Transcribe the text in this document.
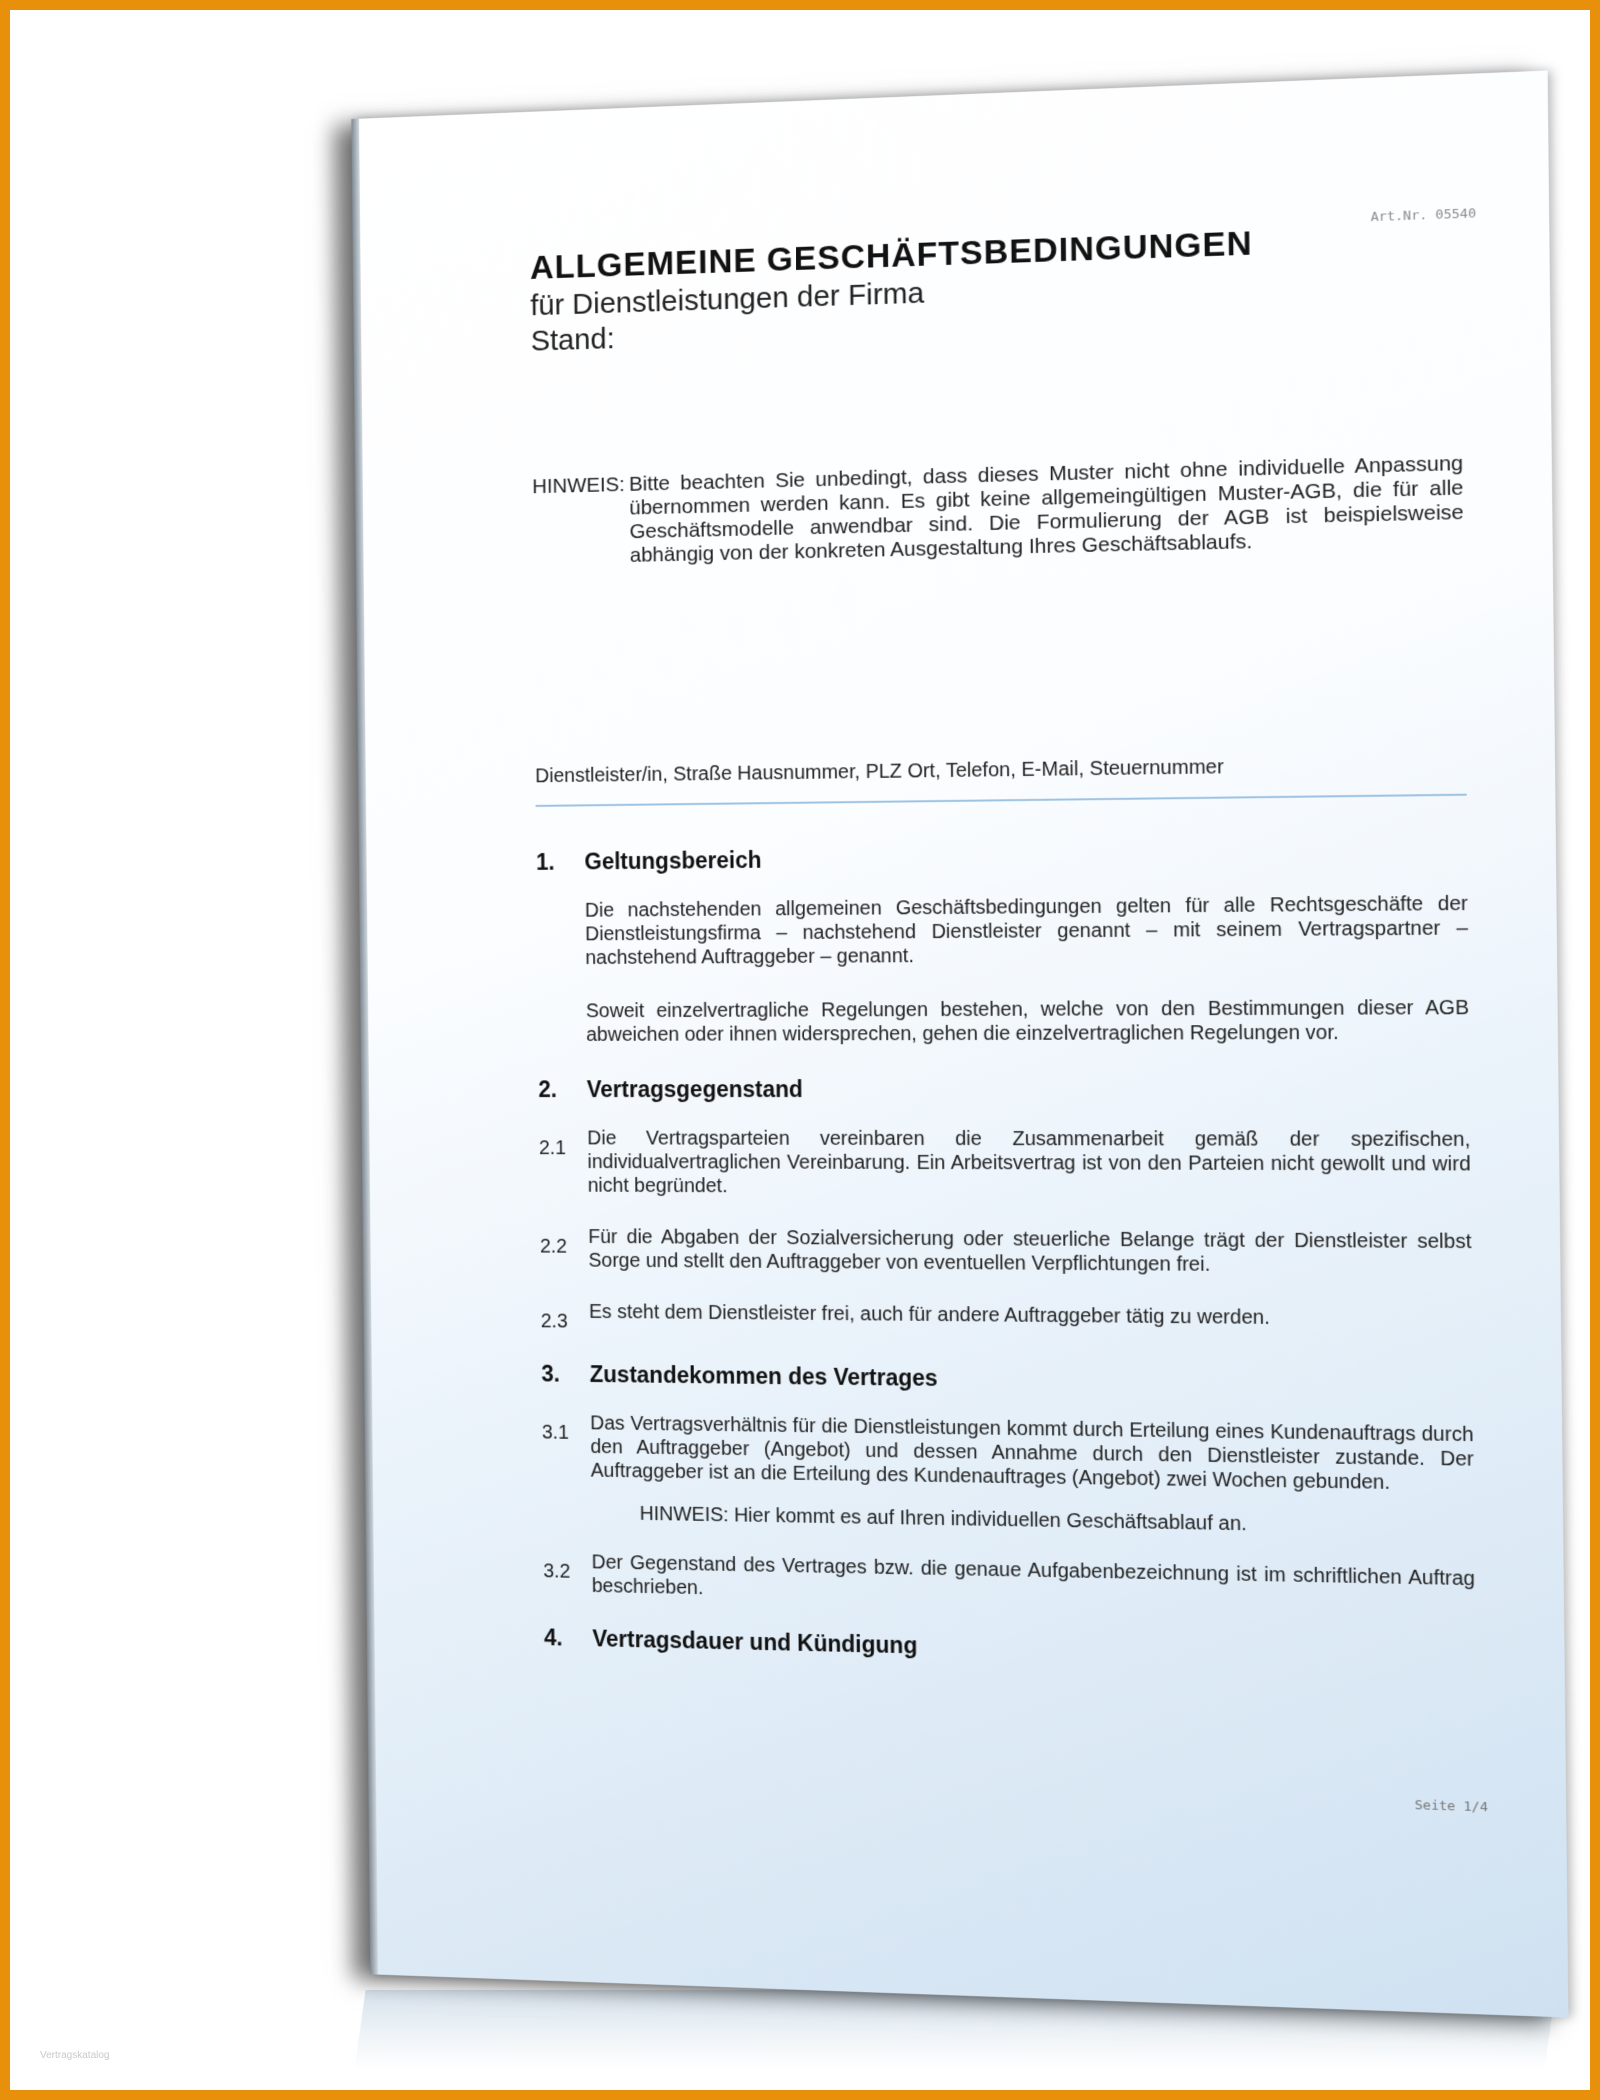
Art.Nr. 05540
ALLGEMEINE GESCHÄFTSBEDINGUNGEN
für Dienstleistungen der Firma
Stand:
HINWEIS: Bitte beachten Sie unbedingt, dass dieses Muster nicht ohne individuelle Anpassung übernommen werden kann. Es gibt keine allgemeingültigen Muster-AGB, die für alle Geschäftsmodelle anwendbar sind. Die Formulierung der AGB ist beispielsweise abhängig von der konkreten Ausgestaltung Ihres Geschäftsablaufs.
Dienstleister/in, Straße Hausnummer, PLZ Ort, Telefon, E-Mail, Steuernummer
1.	Geltungsbereich

Die nachstehenden allgemeinen Geschäftsbedingungen gelten für alle Rechtsgeschäfte der Dienstleistungsfirma – nachstehend Dienstleister genannt – mit seinem Vertragspartner – nachstehend Auftraggeber – genannt.

Soweit einzelvertragliche Regelungen bestehen, welche von den Bestimmungen dieser AGB abweichen oder ihnen widersprechen, gehen die einzelvertraglichen Regelungen vor.

2.	Vertragsgegenstand
2.1	Die Vertragsparteien vereinbaren die Zusammenarbeit gemäß der spezifischen, individualvertraglichen Vereinbarung. Ein Arbeitsvertrag ist von den Parteien nicht gewollt und wird nicht begründet.
2.2	Für die Abgaben der Sozialversicherung oder steuerliche Belange trägt der Dienstleister selbst Sorge und stellt den Auftraggeber von eventuellen Verpflichtungen frei.
2.3	Es steht dem Dienstleister frei, auch für andere Auftraggeber tätig zu werden.
3.	Zustandekommen des Vertrages
3.1	Das Vertragsverhältnis für die Dienstleistungen kommt durch Erteilung eines Kundenauftrags durch den Auftraggeber (Angebot) und dessen Annahme durch den Dienstleister zustande. Der Auftraggeber ist an die Erteilung des Kundenauftrages (Angebot) zwei Wochen gebunden.
HINWEIS: Hier kommt es auf Ihren individuellen Geschäftsablauf an.
3.2	Der Gegenstand des Vertrages bzw. die genaue Aufgabenbezeichnung ist im schriftlichen Auftrag beschrieben.
4.	Vertragsdauer und Kündigung
Seite 1/4
Vertragskatalog
